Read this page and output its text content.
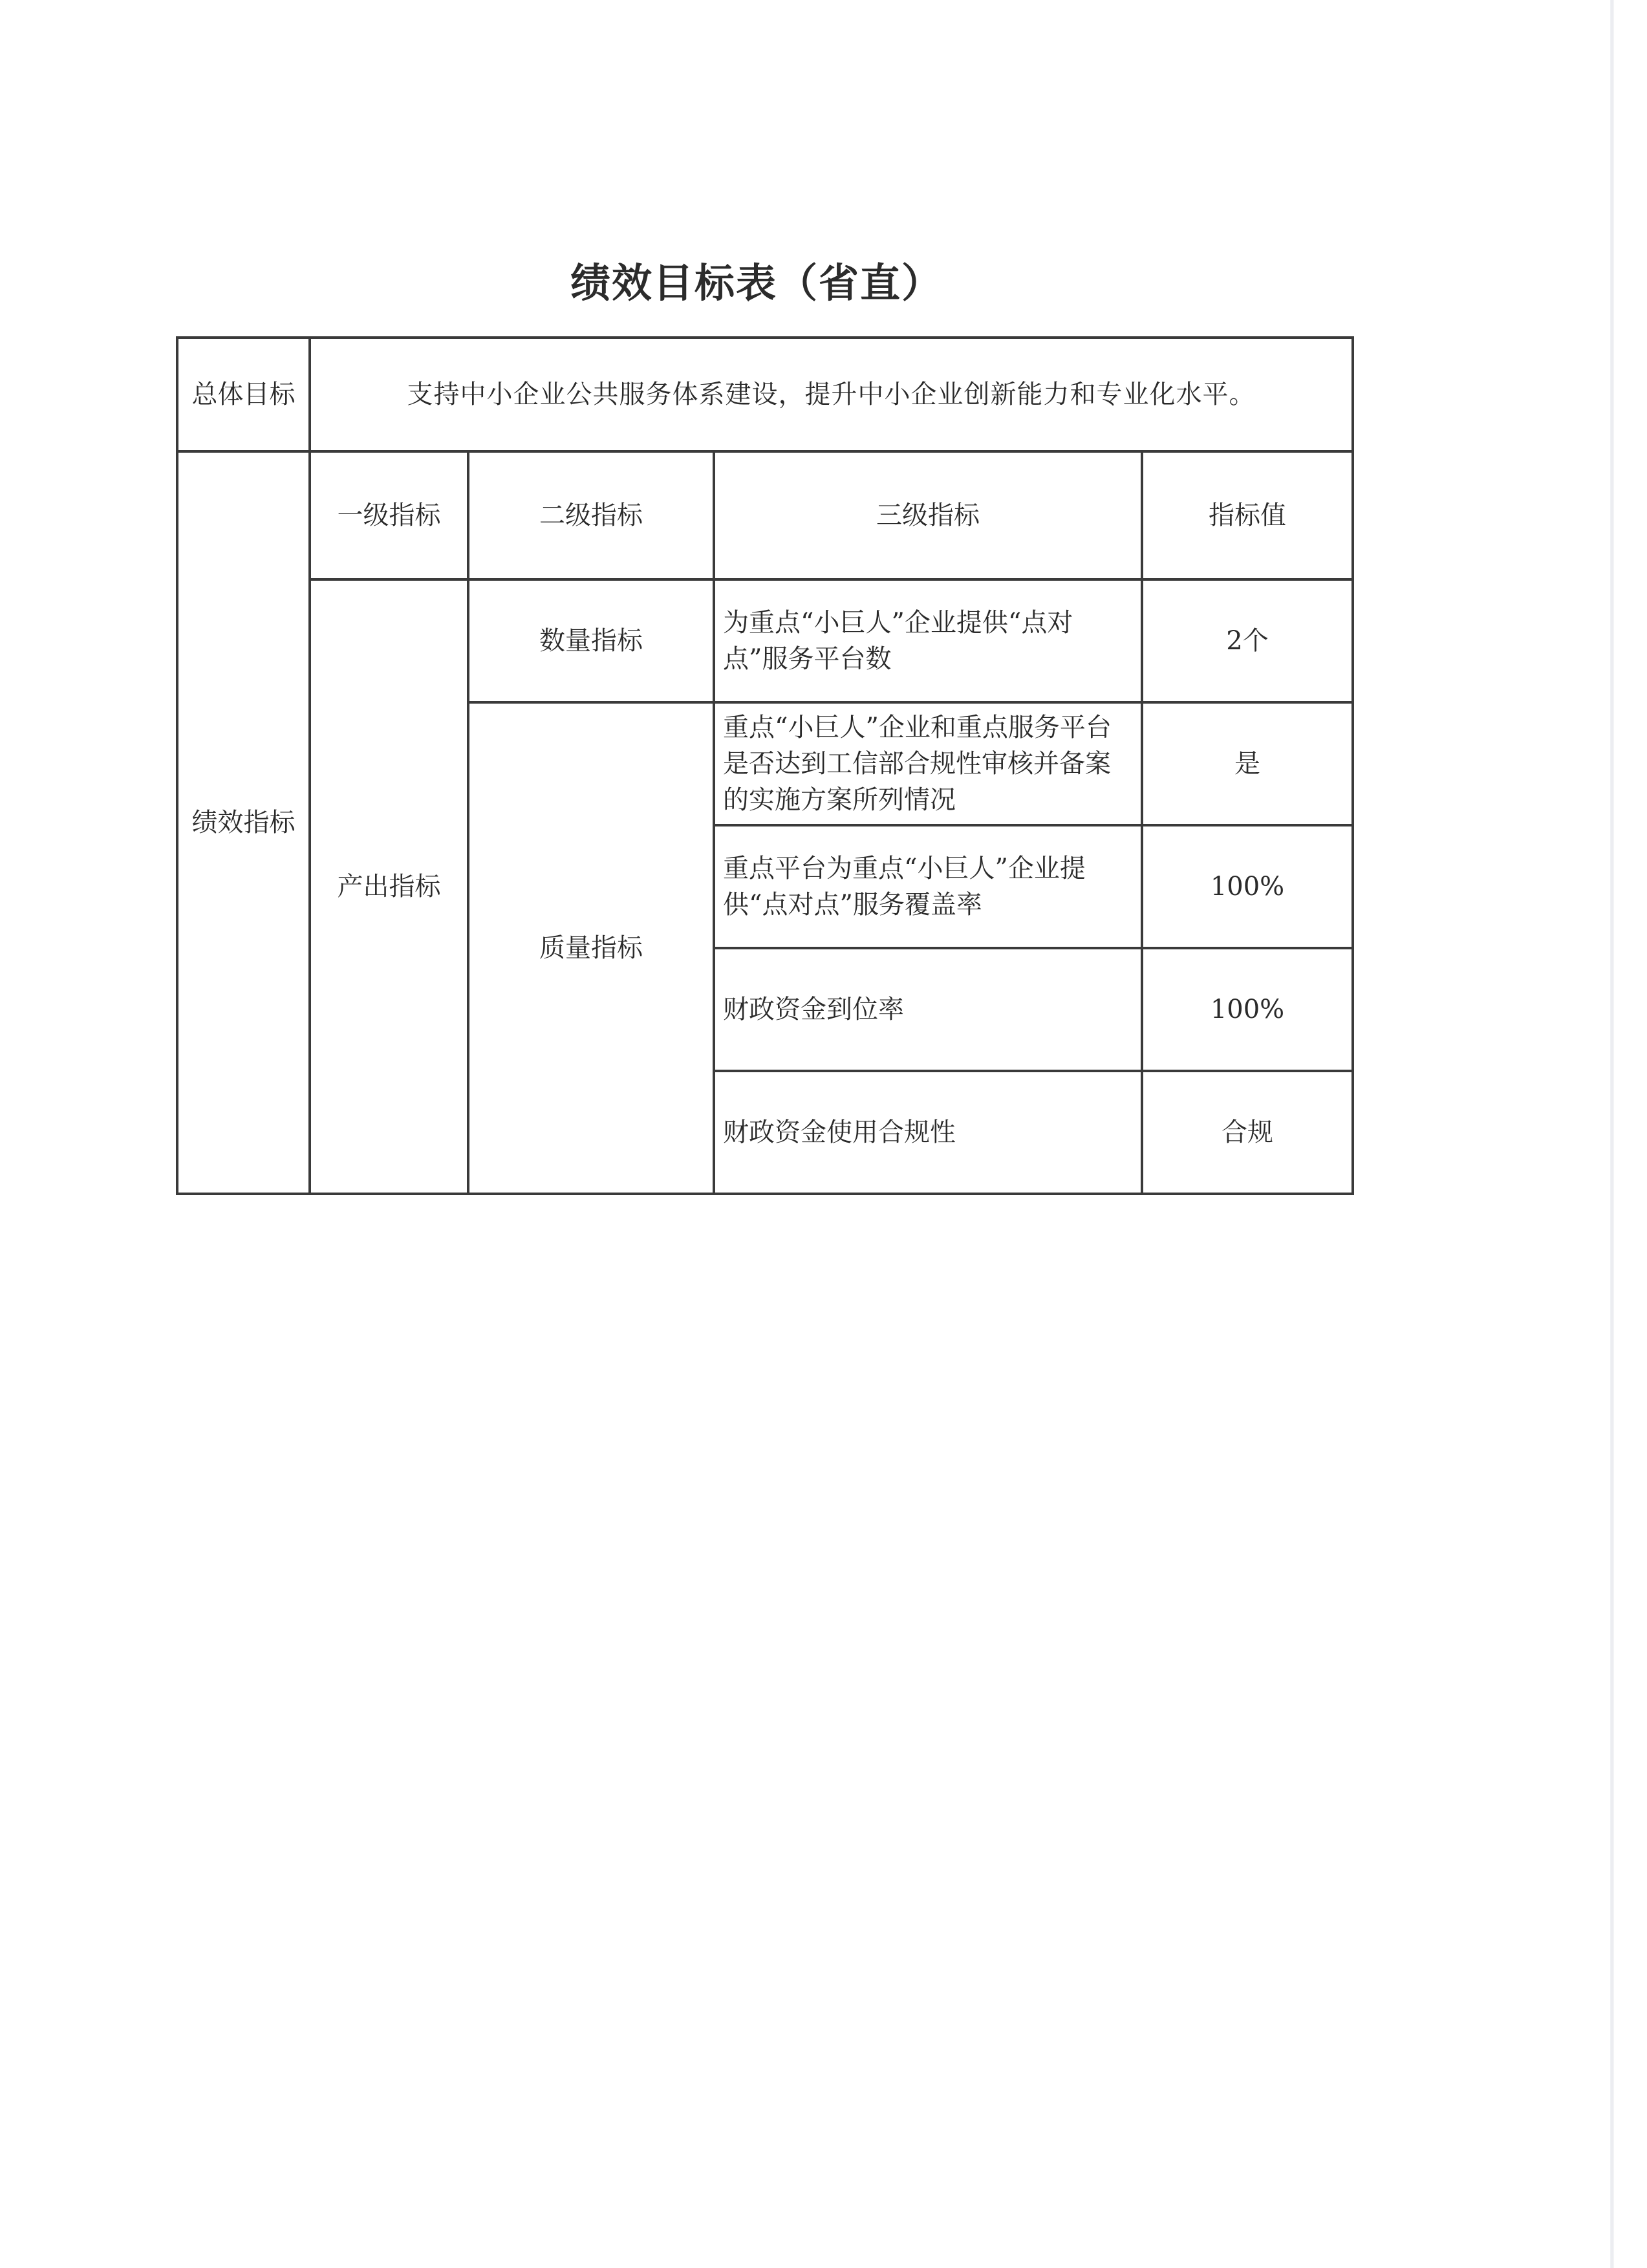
绩效目标表（省直）
总体目标	支持中小企业公共服务体系建设，提升中小企业创新能力和专业化水平。			
绩效指标	一级指标	二级指标	三级指标	指标值
	产出指标	数量指标	为重点“小巨人”企业提供“点对点”服务平台数	2个
		质量指标	重点“小巨人”企业和重点服务平台是否达到工信部合规性审核并备案的实施方案所列情况	是
			重点平台为重点“小巨人”企业提供“点对点”服务覆盖率	100%
			财政资金到位率	100%
			财政资金使用合规性	合规
